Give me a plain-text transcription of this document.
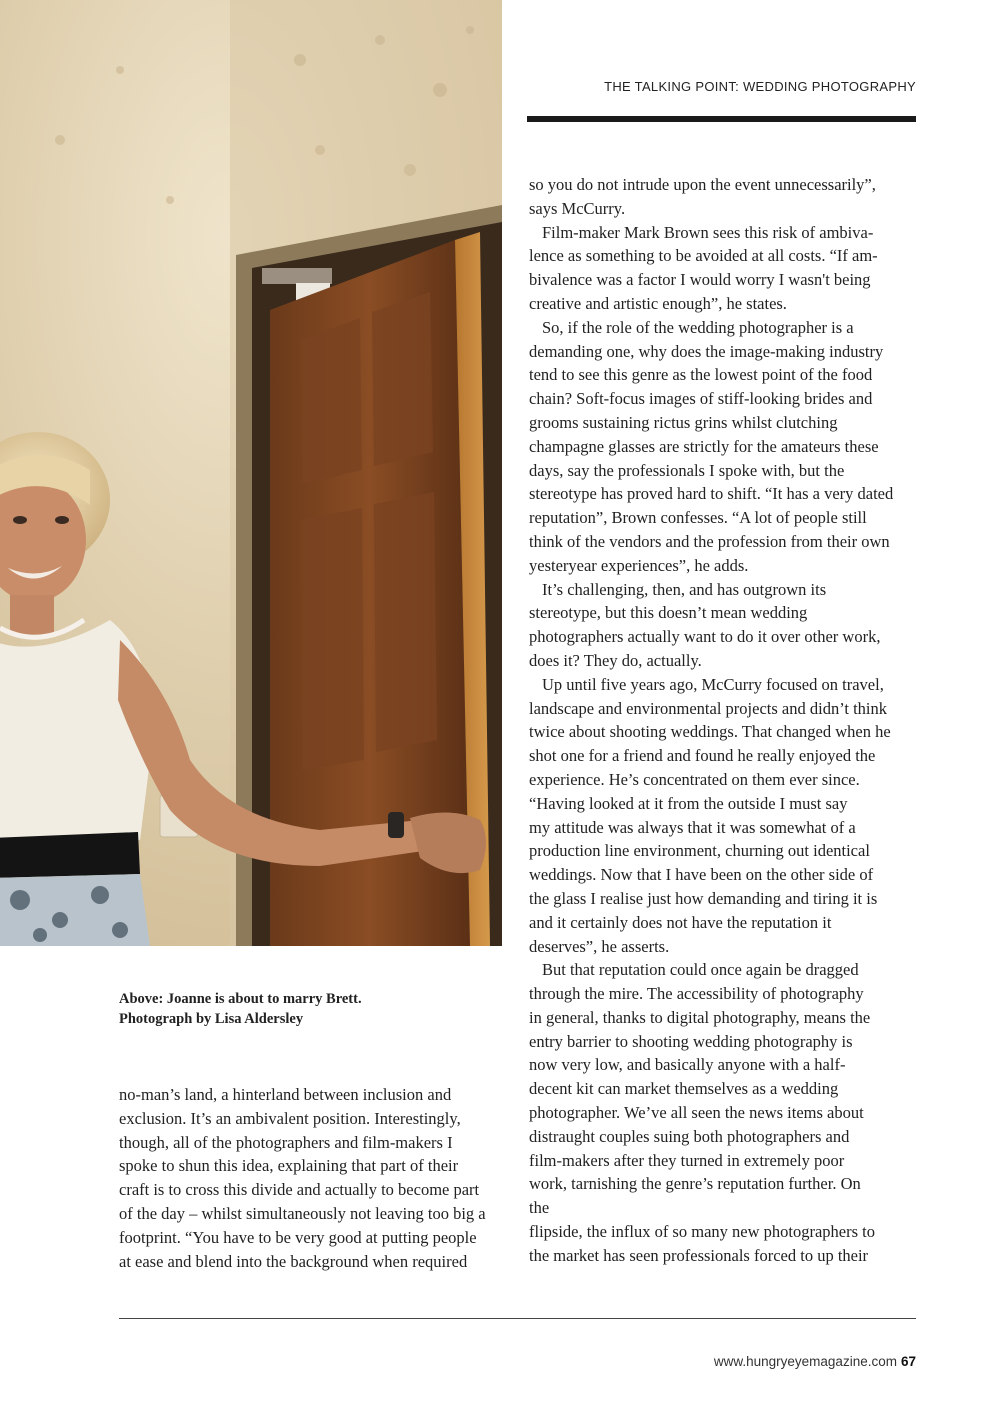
THE TALKING POINT: WEDDING PHOTOGRAPHY

Above: Joanne is about to marry Brett.

Photograph by Lisa Aldersley

no-man’s land, a hinterland between inclusion and

exclusion. It’s an ambivalent position. Interestingly,

though, all of the photographers and film-makers I

spoke to shun this idea, explaining that part of their

craft is to cross this divide and actually to become part

of the day – whilst simultaneously not leaving too big a

footprint. “You have to be very good at putting people

at ease and blend into the background when required

so you do not intrude upon the event unnecessarily”,

says McCurry.

Film-maker Mark Brown sees this risk of ambiva-

lence as something to be avoided at all costs. “If am-

bivalence was a factor I would worry I wasn't being

creative and artistic enough”, he states.

So, if the role of the wedding photographer is a

demanding one, why does the image-making industry

tend to see this genre as the lowest point of the food

chain? Soft-focus images of stiff-looking brides and

grooms sustaining rictus grins whilst clutching

champagne glasses are strictly for the amateurs these

days, say the professionals I spoke with, but the

stereotype has proved hard to shift. “It has a very dated

reputation”, Brown confesses. “A lot of people still

think of the vendors and the profession from their own

yesteryear experiences”, he adds.

It’s challenging, then, and has outgrown its

stereotype, but this doesn’t mean wedding

photographers actually want to do it over other work,

does it? They do, actually.

Up until five years ago, McCurry focused on travel,

landscape and environmental projects and didn’t think

twice about shooting weddings. That changed when he

shot one for a friend and found he really enjoyed the

experience. He’s concentrated on them ever since.

“Having looked at it from the outside I must say

my attitude was always that it was somewhat of a

production line environment, churning out identical

weddings. Now that I have been on the other side of

the glass I realise just how demanding and tiring it is

and it certainly does not have the reputation it

deserves”, he asserts.

But that reputation could once again be dragged

through the mire. The accessibility of photography

in general, thanks to digital photography, means the

entry barrier to shooting wedding photography is

now very low, and basically anyone with a half-

decent kit can market themselves as a wedding

photographer. We’ve all seen the news items about

distraught couples suing both photographers and

film-makers after they turned in extremely poor

work, tarnishing the genre’s reputation further. On

the

flipside, the influx of so many new photographers to

the market has seen professionals forced to up their

www.hungryeyemagazine.com 67
